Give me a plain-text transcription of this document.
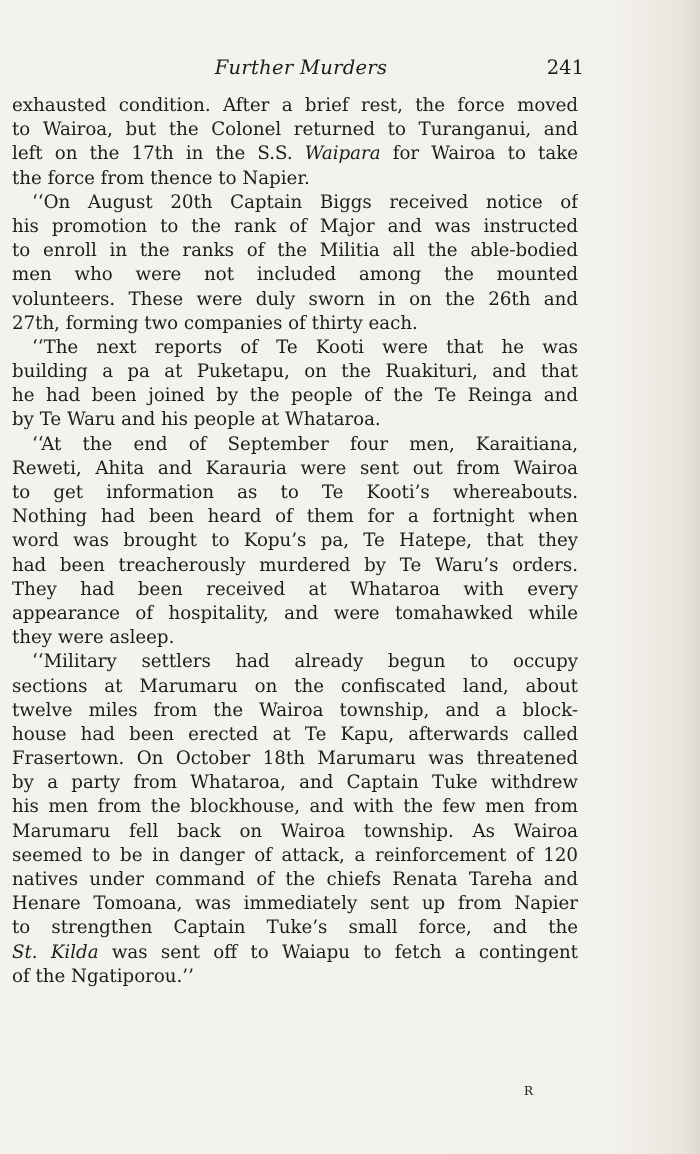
Further Murders	241
exhausted condition. After a brief rest, the force moved
to Wairoa, but the Colonel returned to Turanganui, and
left on the 17th in the S.S. Waipara for Wairoa to take
the force from thence to Napier.
‘‘On August 20th Captain Biggs received notice of
his promotion to the rank of Major and was instructed
to enroll in the ranks of the Militia all the able-bodied
men who were not included among the mounted
volunteers. These were duly sworn in on the 26th and
27th, forming two companies of thirty each.
‘‘The next reports of Te Kooti were that he was
building a pa at Puketapu, on the Ruakituri, and that
he had been joined by the people of the Te Reinga and
by Te Waru and his people at Whataroa.
‘‘At the end of September four men, Karaitiana,
Reweti, Ahita and Karauria were sent out from Wairoa
to get information as to Te Kooti’s whereabouts.
Nothing had been heard of them for a fortnight when
word was brought to Kopu’s pa, Te Hatepe, that they
had been treacherously murdered by Te Waru’s orders.
They had been received at Whataroa with every
appearance of hospitality, and were tomahawked while
they were asleep.
‘‘Military settlers had already begun to occupy
sections at Marumaru on the confiscated land, about
twelve miles from the Wairoa township, and a block-
house had been erected at Te Kapu, afterwards called
Frasertown. On October 18th Marumaru was threatened
by a party from Whataroa, and Captain Tuke withdrew
his men from the blockhouse, and with the few men from
Marumaru fell back on Wairoa township. As Wairoa
seemed to be in danger of attack, a reinforcement of 120
natives under command of the chiefs Renata Tareha and
Henare Tomoana, was immediately sent up from Napier
to strengthen Captain Tuke’s small force, and the
St. Kilda was sent off to Waiapu to fetch a contingent
of the Ngatiporou.’’
R
